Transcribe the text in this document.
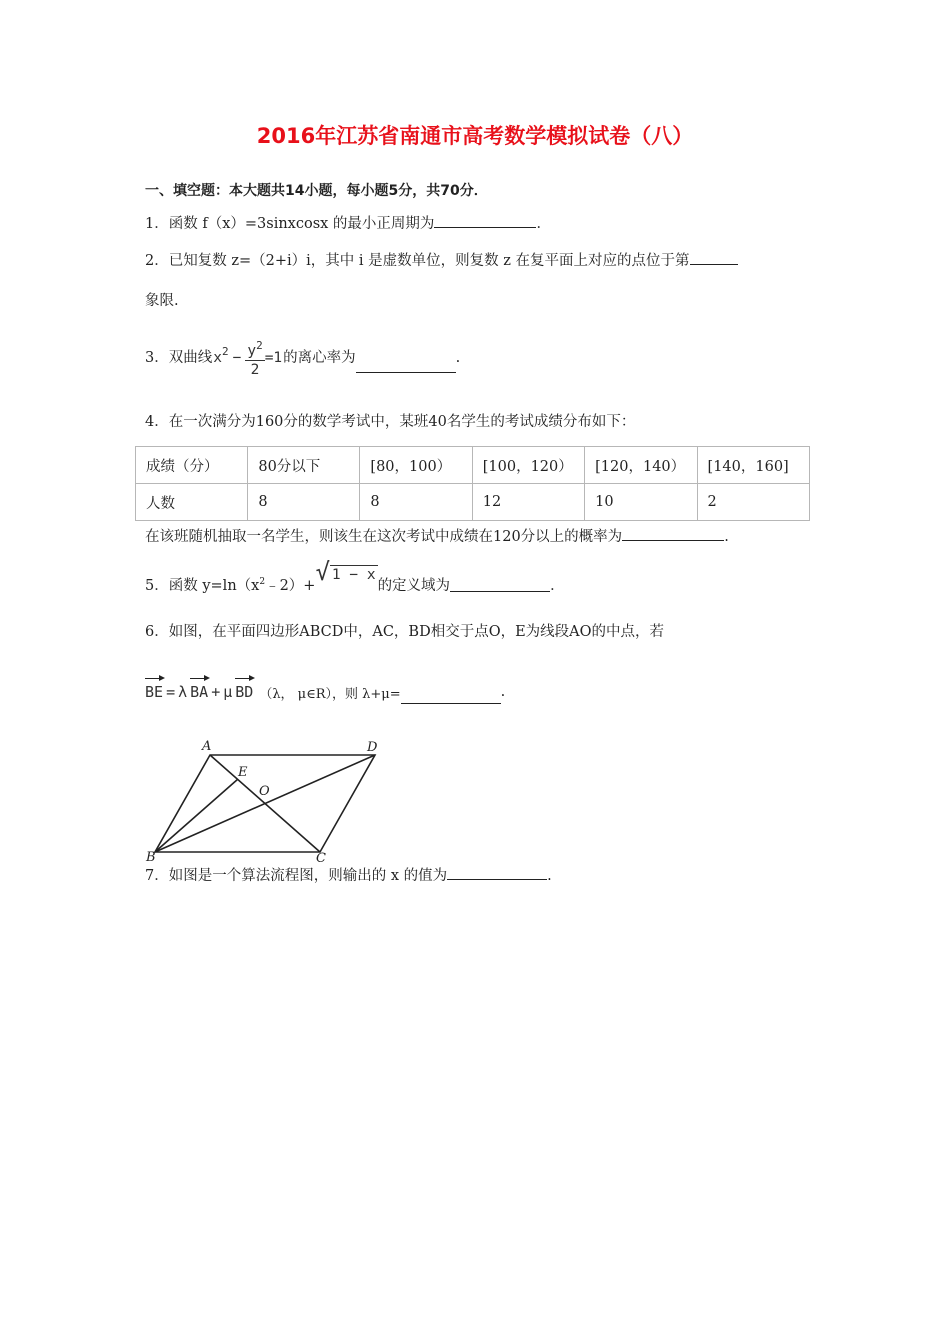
2016年江苏省南通市高考数学模拟试卷（八）
一、填空题：本大题共14小题，每小题5分，共70分．
1．函数 f（x）=3sinxcosx 的最小正周期为	．
2．已知复数 z=（2+i）i，其中 i 是虚数单位，则复数 z 在复平面上对应的点位于第
象限.
3． 双曲线 $x^2 - \frac{y^2}{2} =1$ 的离心率为	.
4．在一次满分为160分的数学考试中，某班40名学生的考试成绩分布如下：
成绩（分）	80分以下	[80，100）	[100，120）	[120，140）	[140，160]
人数	8	8	12	10	2
在该班随机抽取一名学生，则该生在这次考试中成绩在120分以上的概率为	.
5． 函数 $y=\ln(x^2﹣2)+$ √ 1 − x
的定义域为	．
6．如图，在平面四边形ABCD中，AC，BD相交于点O，E为线段AO的中点，若
BE = λ BA + μ BD （λ， μ∈R），则 λ+μ=	.
A	D
B	C
E
O
7．如图是一个算法流程图，则输出的 x 的值为	.
